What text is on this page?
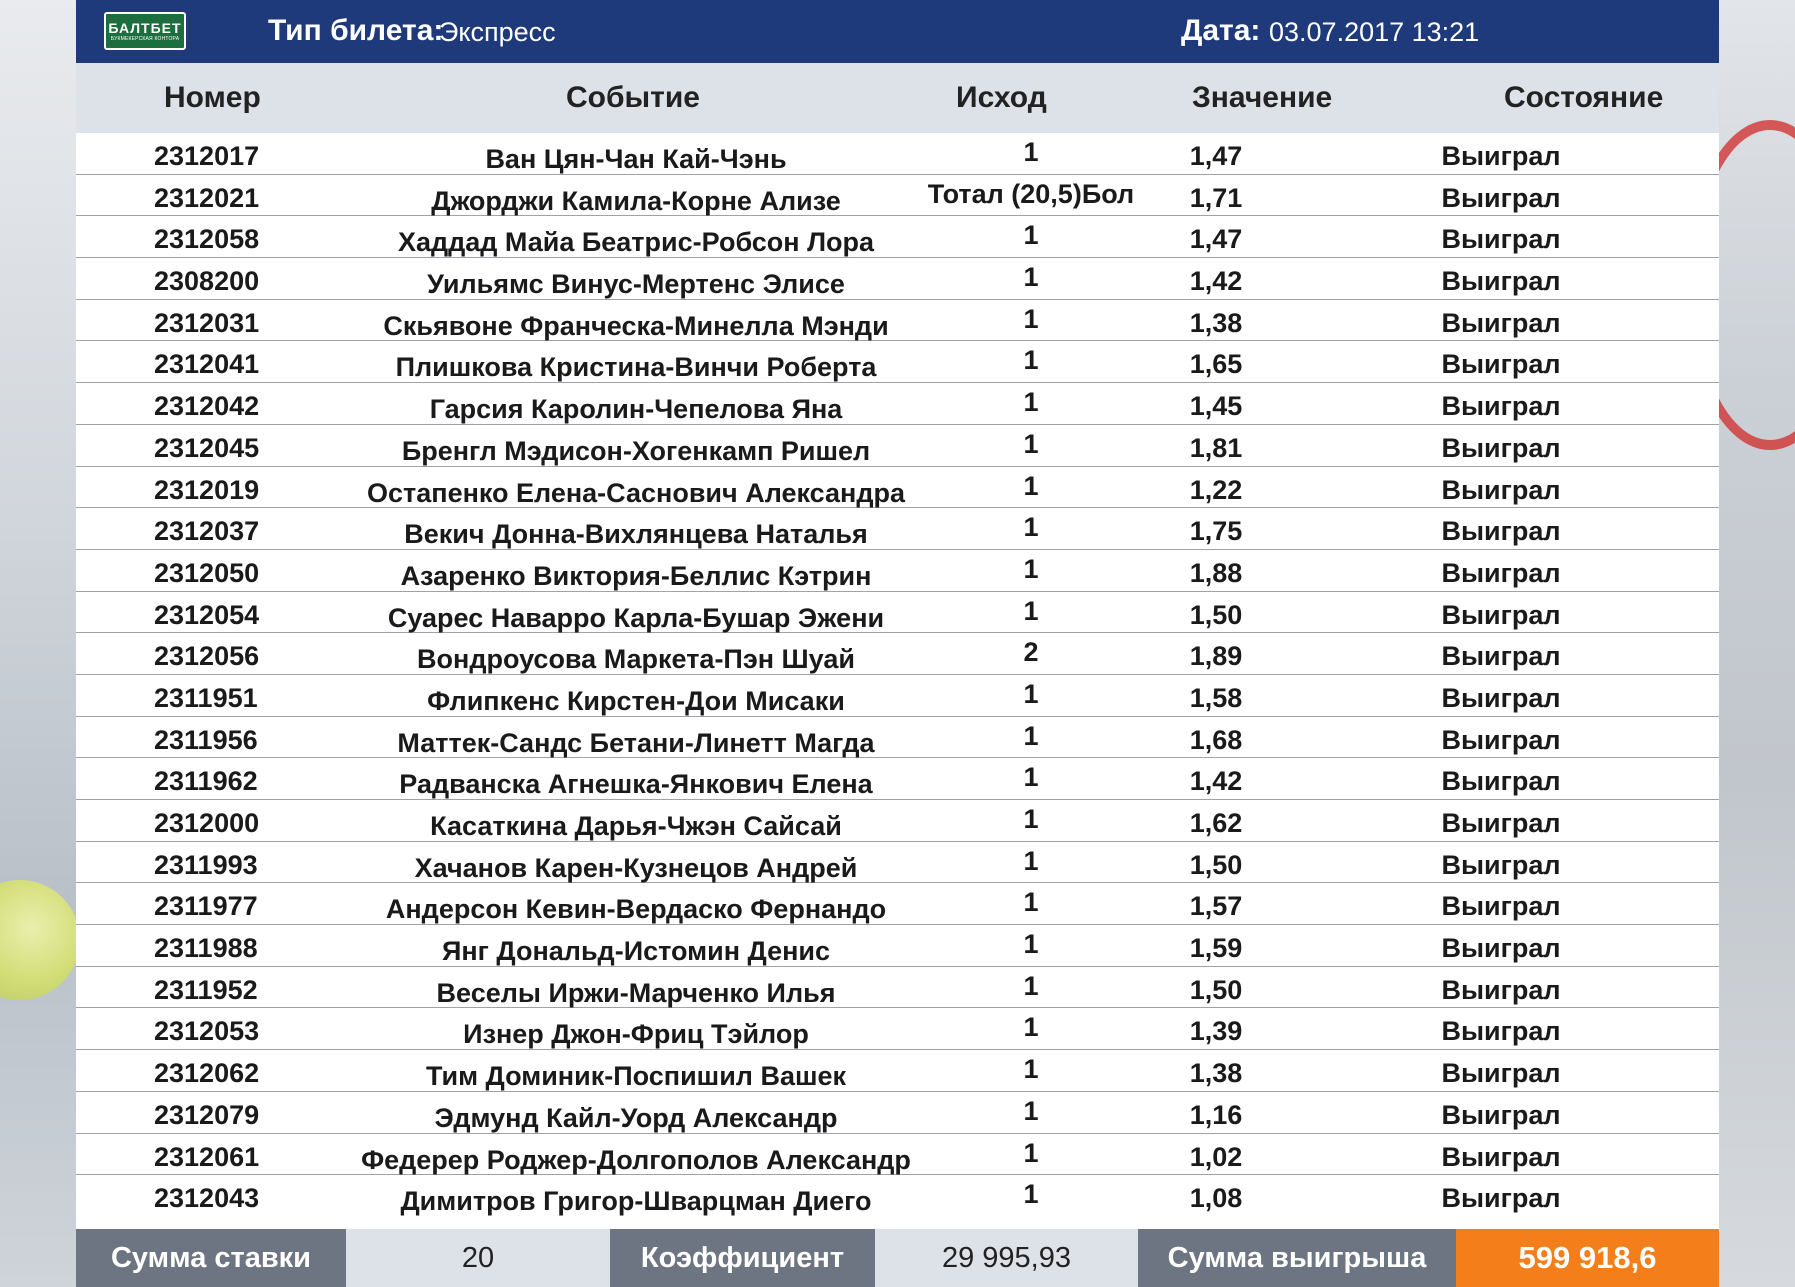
БАЛТБЕТ
БУКМЕКЕРСКАЯ КОНТОРА	Тип билета:
Экспресс	Дата: 03.07.2017 13:21
Номер	Событие	Исход	Значение	Состояние
2312017	Ван Цян-Чан Кай-Чэнь	1	1,47	Выиграл
2312021	Джорджи Камила-Корне Ализе	Тотал (20,5)Бол	1,71	Выиграл
2312058	Хаддад Майа Беатрис-Робсон Лора	1	1,47	Выиграл
2308200	Уильямс Винус-Мертенс Элисе	1	1,42	Выиграл
2312031	Скьявоне Франческа-Минелла Мэнди	1	1,38	Выиграл
2312041	Плишкова Кристина-Винчи Роберта	1	1,65	Выиграл
2312042	Гарсия Каролин-Чепелова Яна	1	1,45	Выиграл
2312045	Бренгл Мэдисон-Хогенкамп Ришел	1	1,81	Выиграл
2312019	Остапенко Елена-Саснович Александра	1	1,22	Выиграл
2312037	Векич Донна-Вихлянцева Наталья	1	1,75	Выиграл
2312050	Азаренко Виктория-Беллис Кэтрин	1	1,88	Выиграл
2312054	Суарес Наварро Карла-Бушар Эжени	1	1,50	Выиграл
2312056	Вондроусова Маркета-Пэн Шуай	2	1,89	Выиграл
2311951	Флипкенс Кирстен-Дои Мисаки	1	1,58	Выиграл
2311956	Маттек-Сандс Бетани-Линетт Магда	1	1,68	Выиграл
2311962	Радванска Агнешка-Янкович Елена	1	1,42	Выиграл
2312000	Касаткина Дарья-Чжэн Сайсай	1	1,62	Выиграл
2311993	Хачанов Карен-Кузнецов Андрей	1	1,50	Выиграл
2311977	Андерсон Кевин-Вердаско Фернандо	1	1,57	Выиграл
2311988	Янг Дональд-Истомин Денис	1	1,59	Выиграл
2311952	Веселы Иржи-Марченко Илья	1	1,50	Выиграл
2312053	Изнер Джон-Фриц Тэйлор	1	1,39	Выиграл
2312062	Тим Доминик-Поспишил Вашек	1	1,38	Выиграл
2312079	Эдмунд Кайл-Уорд Александр	1	1,16	Выиграл
2312061	Федерер Роджер-Долгополов Александр	1	1,02	Выиграл
2312043	Димитров Григор-Шварцман Диего	1	1,08	Выиграл
Сумма ставки	20	Коэффициент	29 995,93	Сумма выигрыша	599 918,6
